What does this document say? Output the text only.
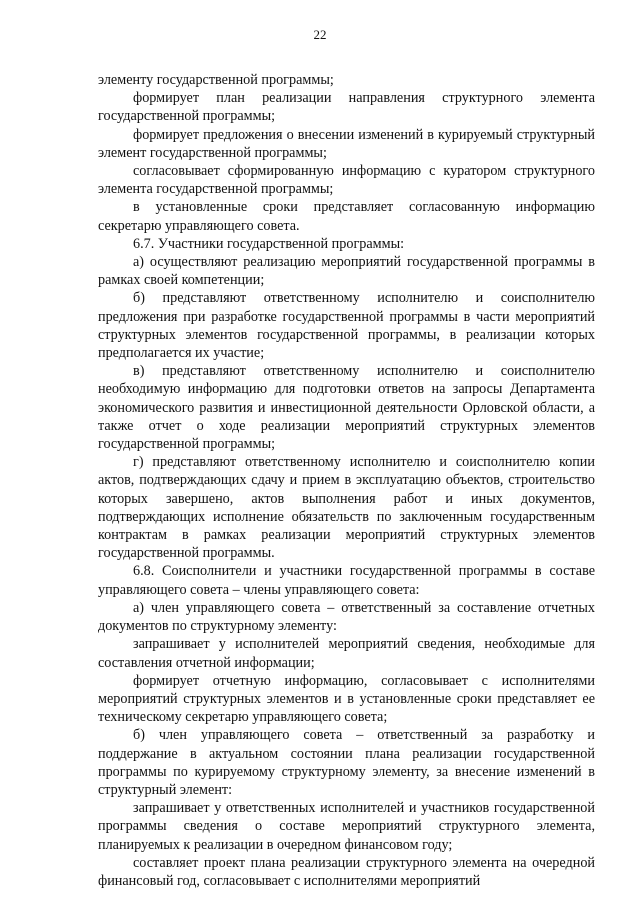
22

элементу государственной программы;

формирует план реализации направления структурного элемента государственной программы;

формирует предложения о внесении изменений в курируемый структурный элемент государственной программы;

согласовывает сформированную информацию с куратором структурного элемента государственной программы;

в установленные сроки представляет согласованную информацию секретарю управляющего совета.

6.7. Участники государственной программы:

а) осуществляют реализацию мероприятий государственной программы в рамках своей компетенции;

б) представляют ответственному исполнителю и соисполнителю предложения при разработке государственной программы в части мероприятий структурных элементов государственной программы, в реализации которых предполагается их участие;

в) представляют ответственному исполнителю и соисполнителю необходимую информацию для подготовки ответов на запросы Департамента экономического развития и инвестиционной деятельности Орловской области, а также отчет о ходе реализации мероприятий структурных элементов государственной программы;

г) представляют ответственному исполнителю и соисполнителю копии актов, подтверждающих сдачу и прием в эксплуатацию объектов, строительство которых завершено, актов выполнения работ и иных документов, подтверждающих исполнение обязательств по заключенным государственным контрактам в рамках реализации мероприятий структурных элементов государственной программы.

6.8. Соисполнители и участники государственной программы в составе управляющего совета – члены управляющего совета:

а) член управляющего совета – ответственный за составление отчетных документов по структурному элементу:

запрашивает у исполнителей мероприятий сведения, необходимые для составления отчетной информации;

формирует отчетную информацию, согласовывает с исполнителями мероприятий структурных элементов и в установленные сроки представляет ее техническому секретарю управляющего совета;

б) член управляющего совета – ответственный за разработку и поддержание в актуальном состоянии плана реализации государственной программы по курируемому структурному элементу, за внесение изменений в структурный элемент:

запрашивает у ответственных исполнителей и участников государственной программы сведения о составе мероприятий структурного элемента, планируемых к реализации в очередном финансовом году;

составляет проект плана реализации структурного элемента на очередной финансовый год, согласовывает с исполнителями мероприятий
